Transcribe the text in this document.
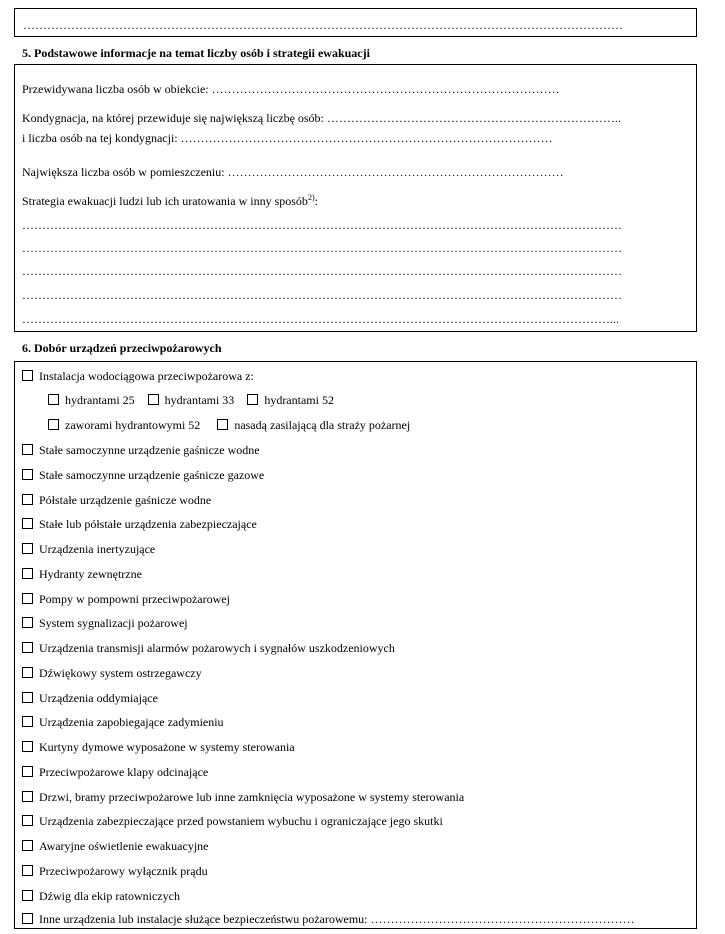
……………………………………………………………………………………………………………………………………
5. Podstawowe informacje na temat liczby osób i strategii ewakuacji
Przewidywana liczba osób w obiekcie: ……………………………………………………………………………
Kondygnacja, na której przewiduje się największą liczbę osób: ………………………………………………………………..
i liczba osób na tej kondygnacji: …………………………………………………………………………………
Największa liczba osób w pomieszczeniu: …………………………………………………………………………
Strategia ewakuacji ludzi lub ich uratowania w inny sposób$^{2)}$:
……………………………………………………………………………………………………………………………………
……………………………………………………………………………………………………………………………………
……………………………………………………………………………………………………………………………………
……………………………………………………………………………………………………………………………………
…………………………………………………………………………………………………………………………………...
6. Dobór urządzeń przeciwpożarowych
Instalacja wodociągowa przeciwpożarowa z:
hydrantami 25	hydrantami 33	hydrantami 52
zaworami hydrantowymi 52	nasadą zasilającą dla straży pożarnej
Stałe samoczynne urządzenie gaśnicze wodne
Stałe samoczynne urządzenie gaśnicze gazowe
Półstałe urządzenie gaśnicze wodne
Stałe lub półstałe urządzenia zabezpieczające
Urządzenia inertyzujące
Hydranty zewnętrzne
Pompy w pompowni przeciwpożarowej
System sygnalizacji pożarowej
Urządzenia transmisji alarmów pożarowych i sygnałów uszkodzeniowych
Dźwiękowy system ostrzegawczy
Urządzenia oddymiające
Urządzenia zapobiegające zadymieniu
Kurtyny dymowe wyposażone w systemy sterowania
Przeciwpożarowe klapy odcinające
Drzwi, bramy przeciwpożarowe lub inne zamknięcia wyposażone w systemy sterowania
Urządzenia zabezpieczające przed powstaniem wybuchu i ograniczające jego skutki
Awaryjne oświetlenie ewakuacyjne
Przeciwpożarowy wyłącznik prądu
Dźwig dla ekip ratowniczych
Inne urządzenia lub instalacje służące bezpieczeństwu pożarowemu: …………………………………………………………
